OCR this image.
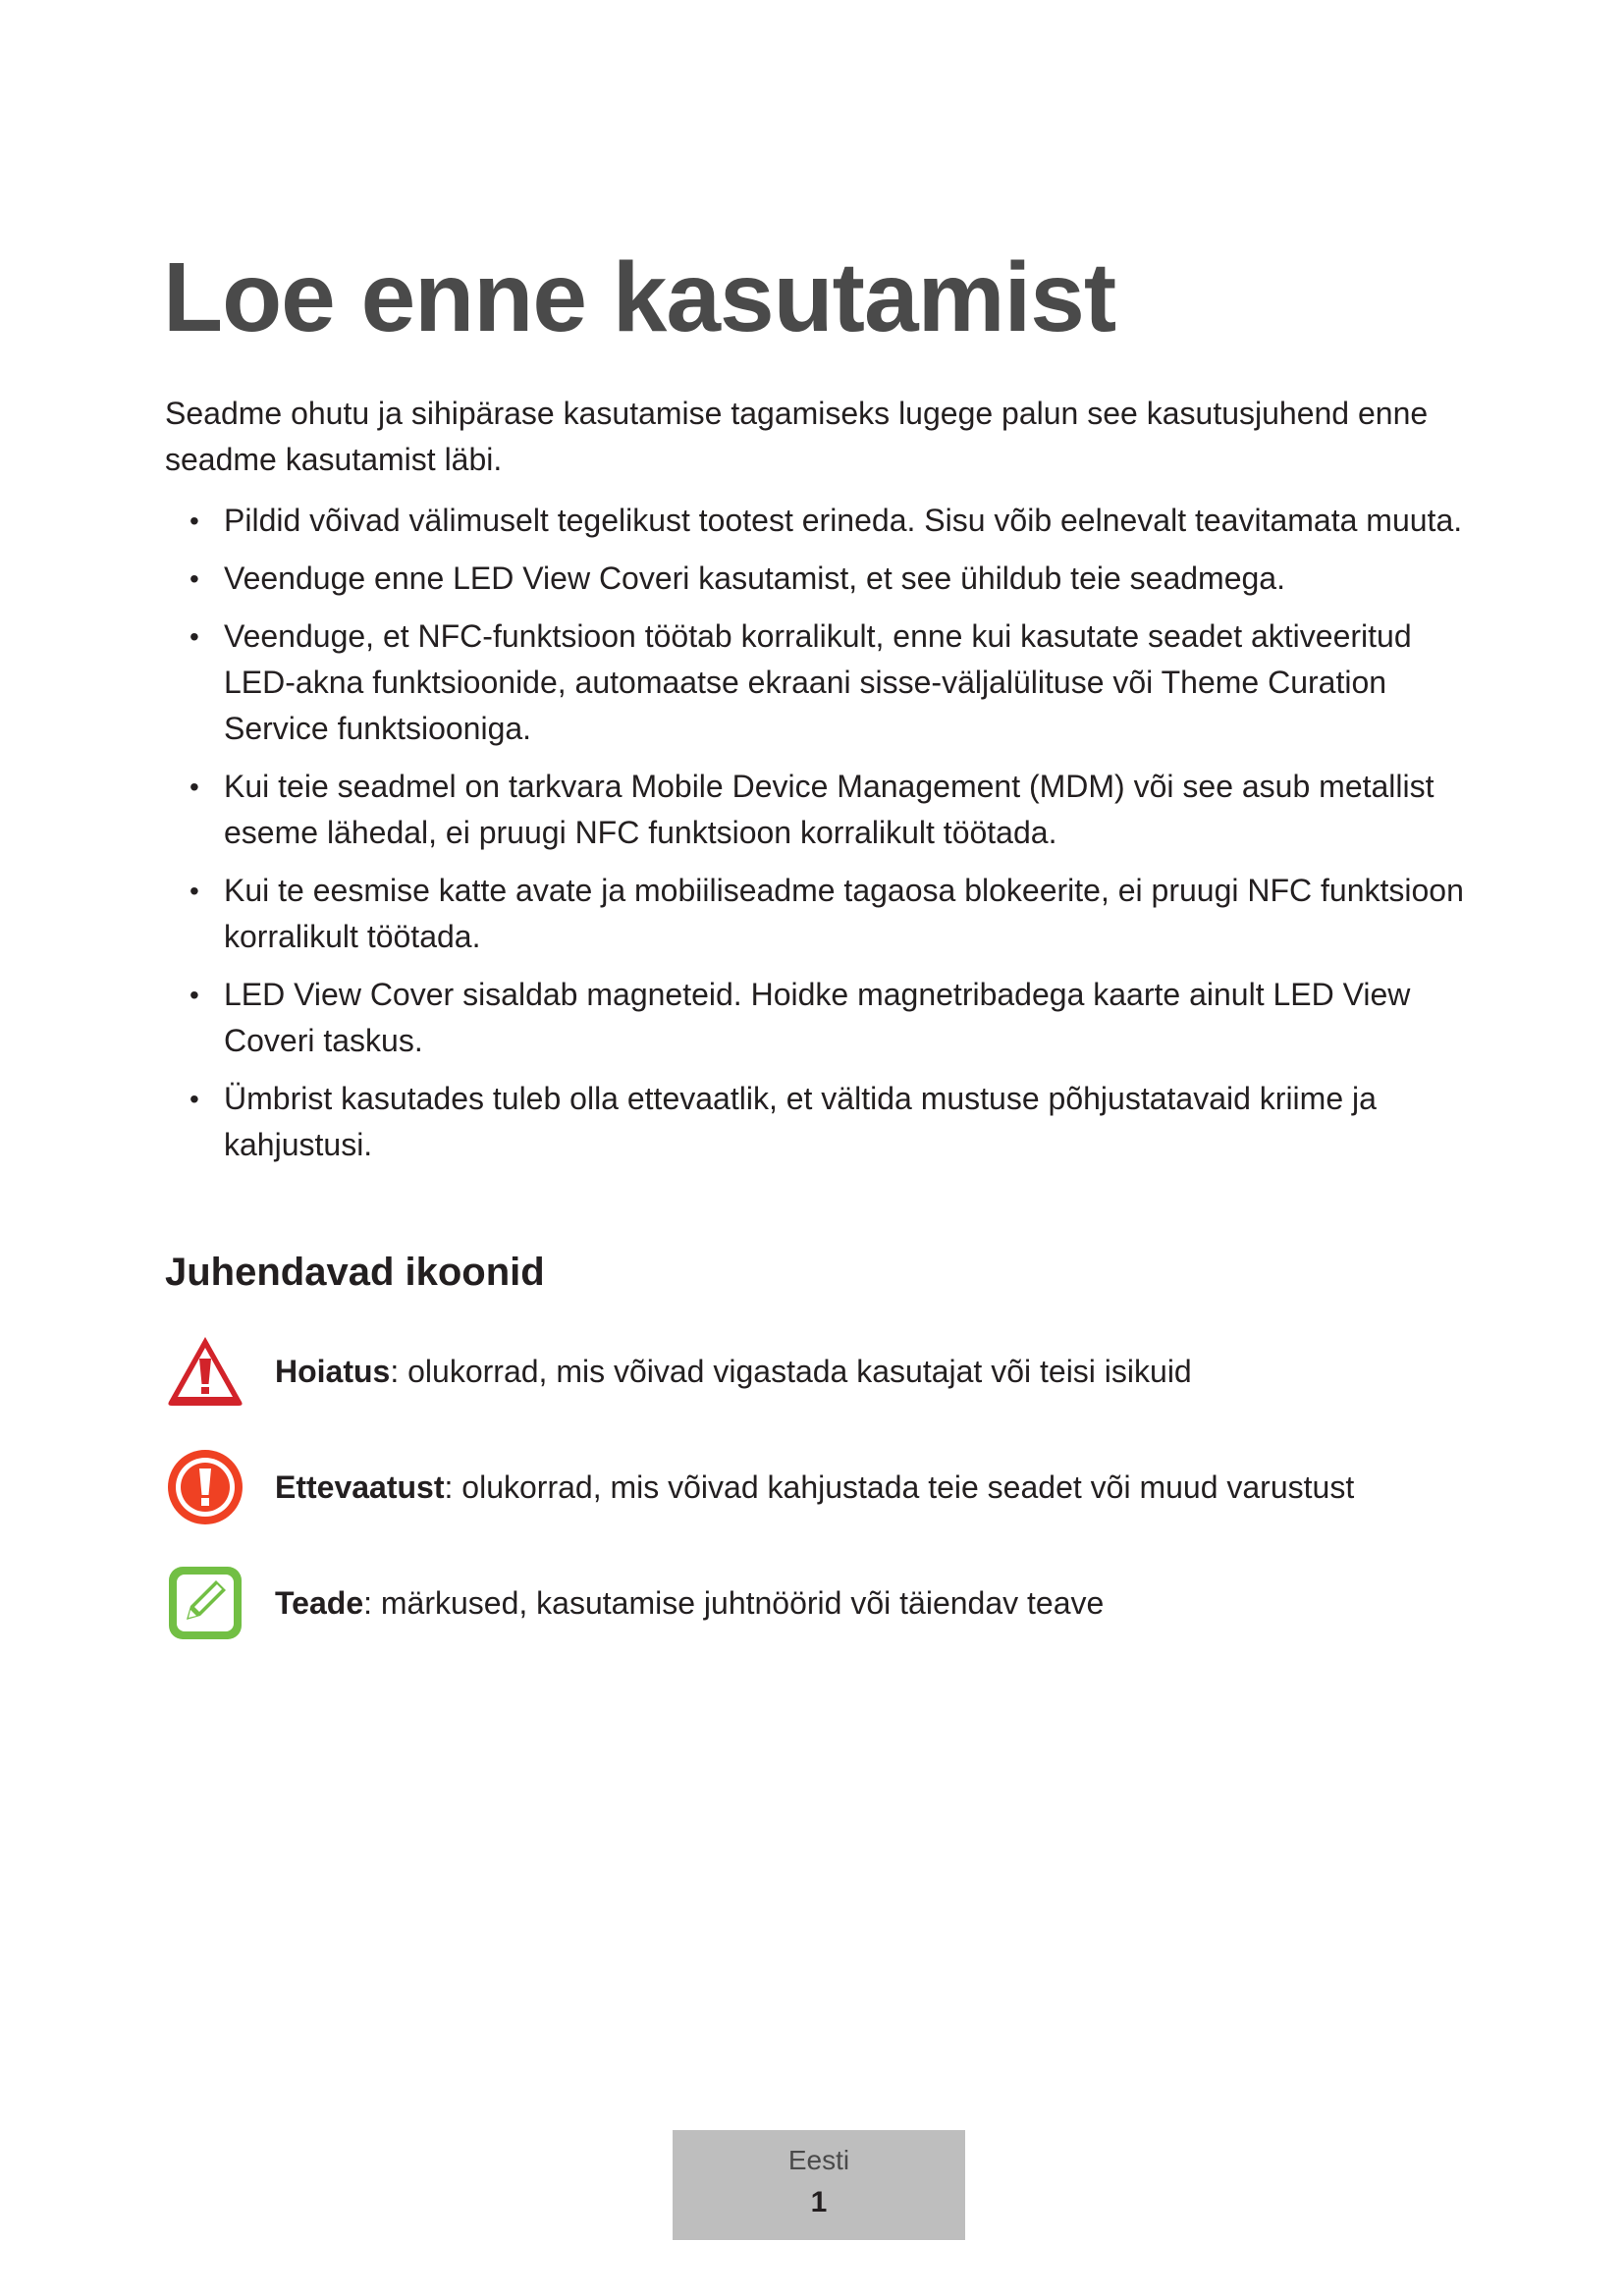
Loe enne kasutamist

Seadme ohutu ja sihipärase kasutamise tagamiseks lugege palun see kasutusjuhend enne seadme kasutamist läbi.

• Pildid võivad välimuselt tegelikust tootest erineda. Sisu võib eelnevalt teavitamata muuta.
• Veenduge enne LED View Coveri kasutamist, et see ühildub teie seadmega.
• Veenduge, et NFC-funktsioon töötab korralikult, enne kui kasutate seadet aktiveeritud LED-akna funktsioonide, automaatse ekraani sisse-väljalülituse või Theme Curation Service funktsiooniga.
• Kui teie seadmel on tarkvara Mobile Device Management (MDM) või see asub metallist eseme lähedal, ei pruugi NFC funktsioon korralikult töötada.
• Kui te eesmise katte avate ja mobiiliseadme tagaosa blokeerite, ei pruugi NFC funktsioon korralikult töötada.
• LED View Cover sisaldab magneteid. Hoidke magnetribadega kaarte ainult LED View Coveri taskus.
• Ümbrist kasutades tuleb olla ettevaatlik, et vältida mustuse põhjustatavaid kriime ja kahjustusi.
Juhendavad ikoonid
Hoiatus: olukorrad, mis võivad vigastada kasutajat või teisi isikuid
Ettevaatust: olukorrad, mis võivad kahjustada teie seadet või muud varustust
Teade: märkused, kasutamise juhtnöörid või täiendav teave
Eesti
1
